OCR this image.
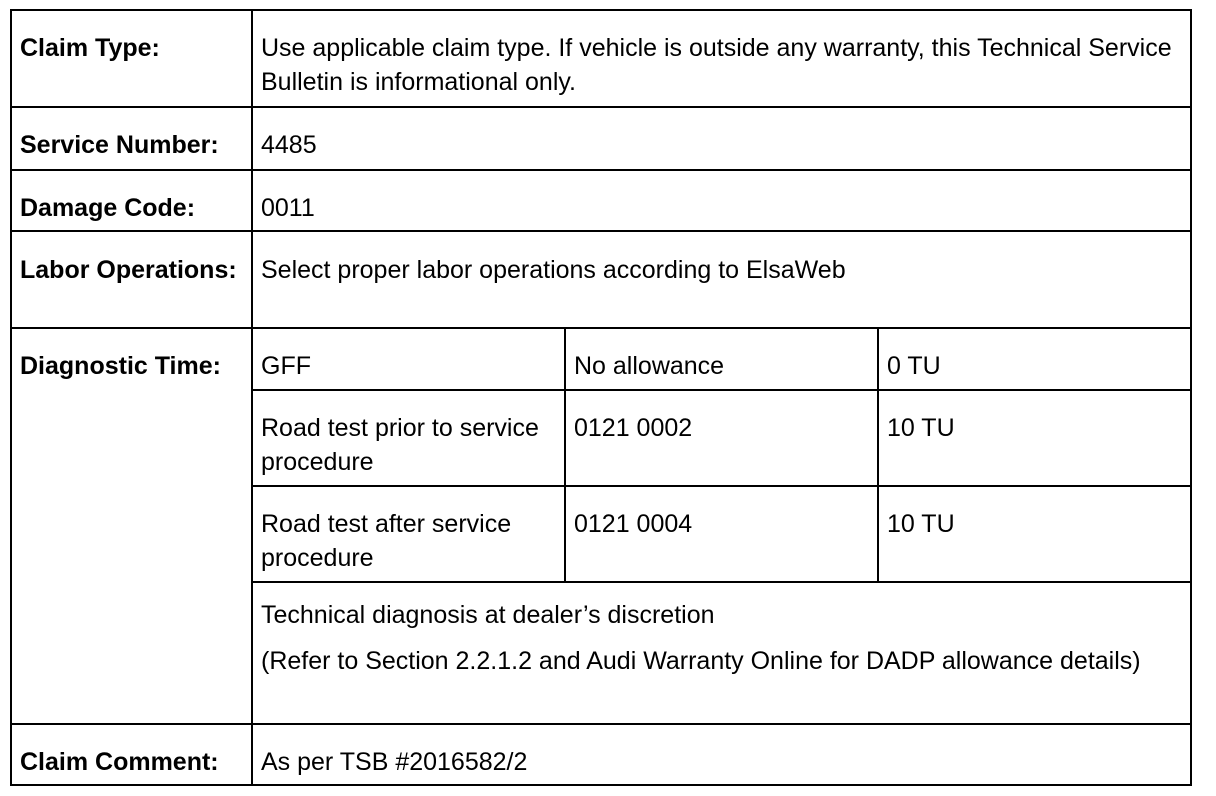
Claim Type:	Use applicable claim type. If vehicle is outside any warranty, this Technical Service Bulletin is informational only.		
Service Number:	4485		
Damage Code:	0011		
Labor Operations:	Select proper labor operations according to ElsaWeb		
Diagnostic Time:	GFF	No allowance	0 TU
	Road test prior to service procedure	0121 0002	10 TU
	Road test after service procedure	0121 0004	10 TU

	Technical diagnosis at dealer’s discretion
(Refer to Section 2.2.1.2 and Audi Warranty Online for DADP allowance details)		

Claim Comment:	As per TSB #2016582/2		
